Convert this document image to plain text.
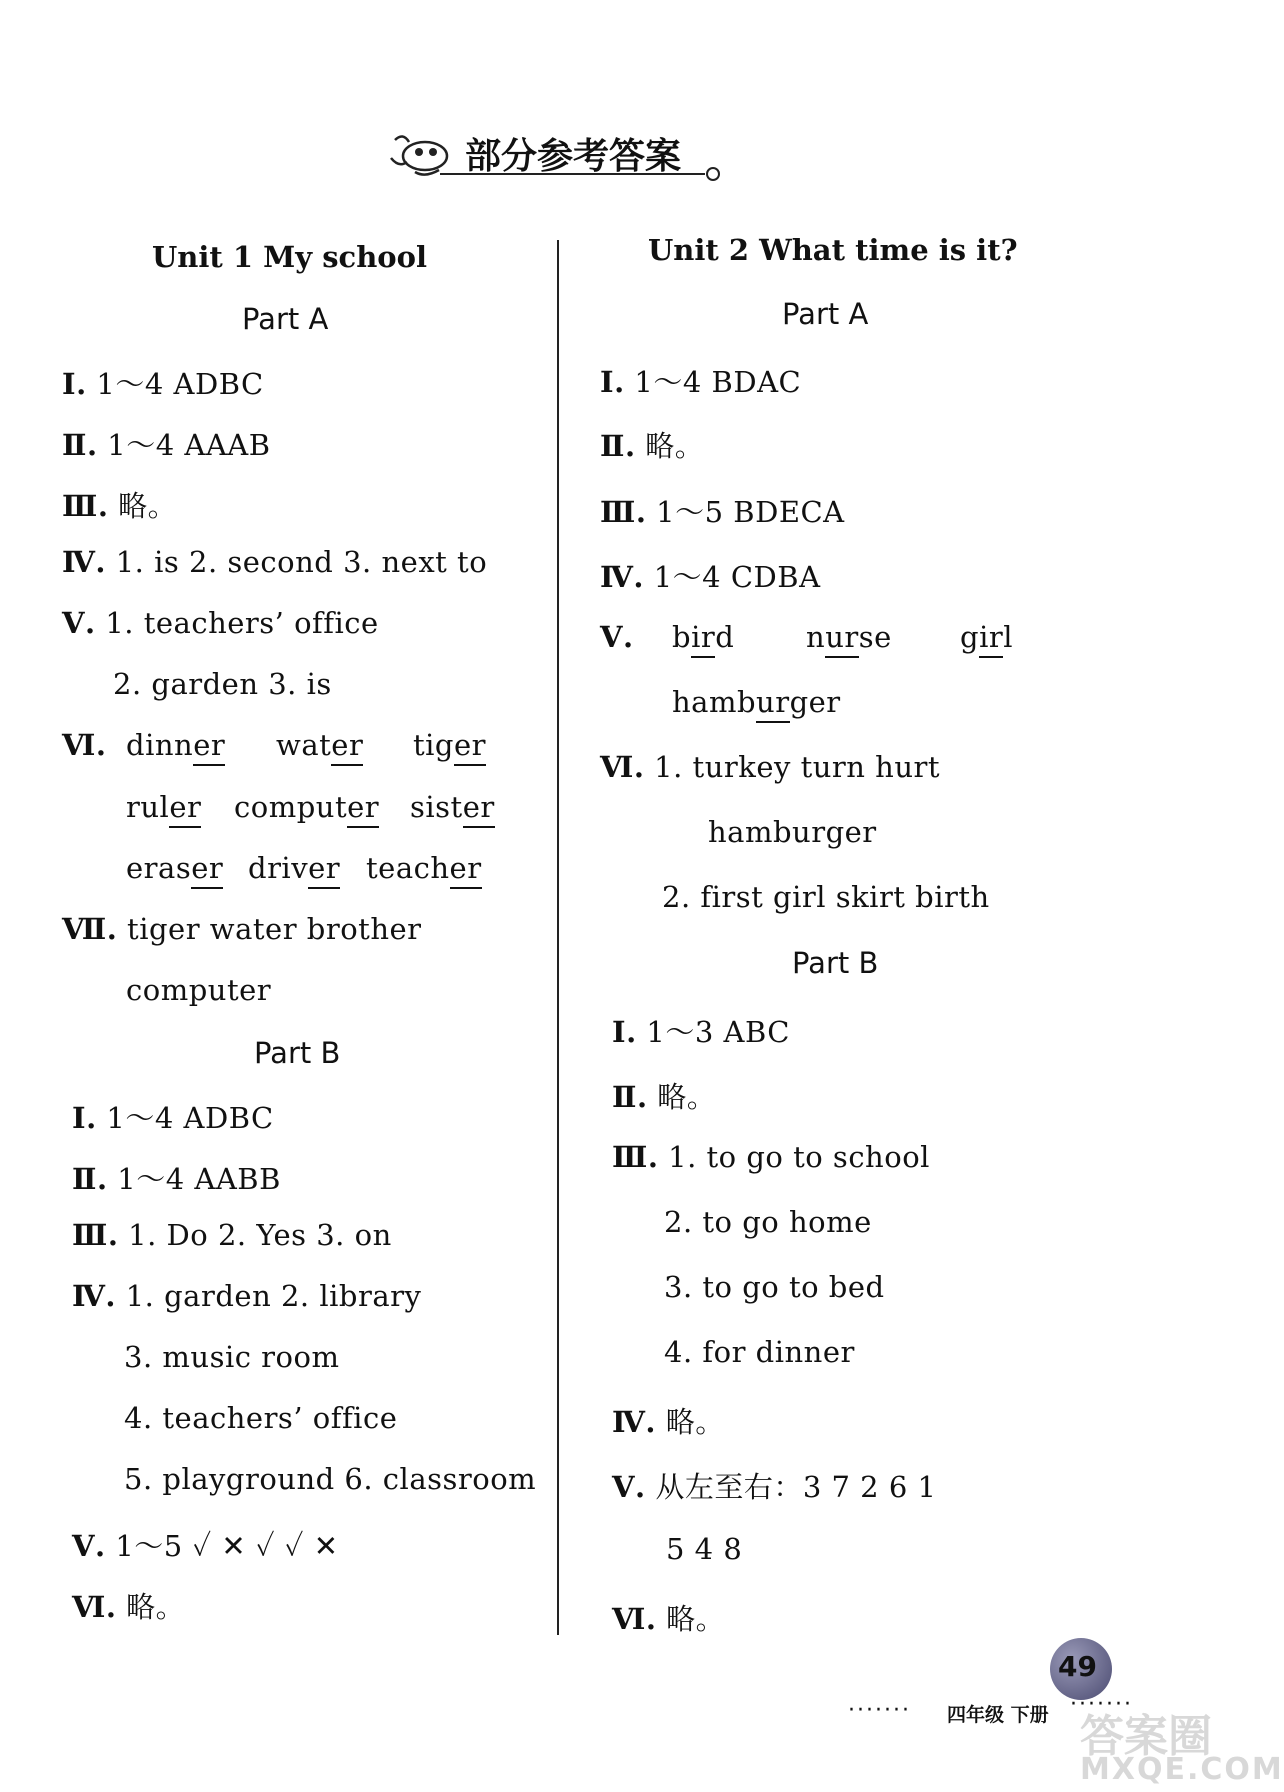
部分参考答案
Unit 1 My school
Part A
Ⅰ. 1～4 ADBC
Ⅱ. 1～4 AAAB
Ⅲ. 略。
Ⅳ. 1. is 2. second 3. next to
Ⅴ. 1. teachers’ office
2. garden 3. is
Ⅵ. dinner water tiger
ruler computer sister
eraser driver teacher
Ⅶ. tiger water brother
computer
Part B
Ⅰ. 1～4 ADBC
Ⅱ. 1～4 AABB
Ⅲ. 1. Do 2. Yes 3. on
Ⅳ. 1. garden 2. library
3. music room
4. teachers’ office
5. playground 6. classroom
Ⅴ. 1～5 ✓ ✕ ✓ ✓ ✕
Ⅵ. 略。
Unit 2 What time is it?
Part A
Ⅰ. 1～4 BDAC
Ⅱ. 略。
Ⅲ. 1～5 BDECA
Ⅳ. 1～4 CDBA
Ⅴ. bird nurse girl
hamburger
Ⅵ. 1. turkey turn hurt
hamburger
2. first girl skirt birth
Part B
Ⅰ. 1～3 ABC
Ⅱ. 略。
Ⅲ. 1. to go to school
2. to go home
3. to go to bed
4. for dinner
Ⅳ. 略。
Ⅴ. 从左至右：3 7 2 6 1
5 4 8
Ⅵ. 略。
49
······· 四年级 下册 ·······
答案圈
MXQE.COM
